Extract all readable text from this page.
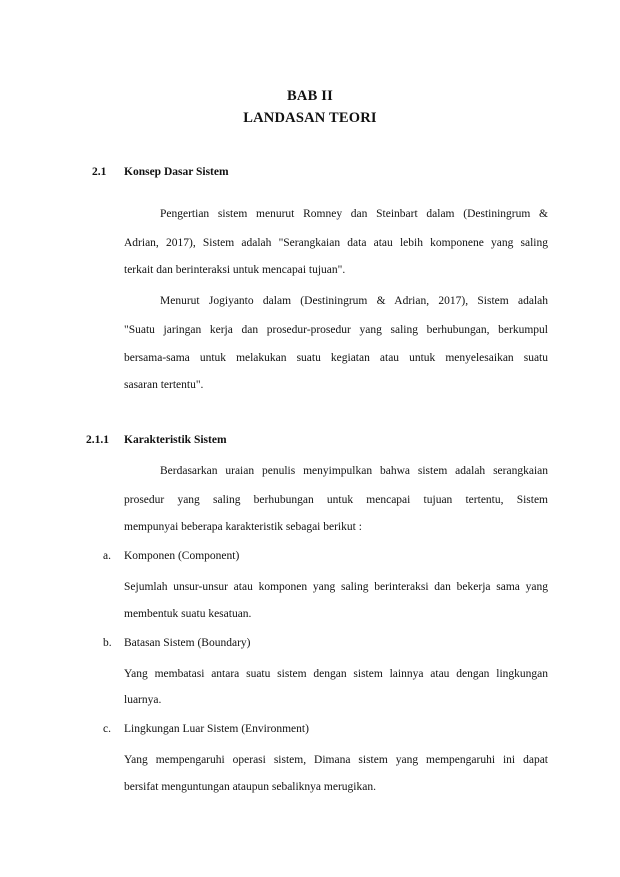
BAB II
LANDASAN TEORI
2.1 Konsep Dasar Sistem
Pengertian sistem menurut Romney dan Steinbart dalam (Destiningrum &
Adrian, 2017), Sistem adalah "Serangkaian data atau lebih komponene yang saling
terkait dan berinteraksi untuk mencapai tujuan".
Menurut Jogiyanto dalam (Destiningrum & Adrian, 2017), Sistem adalah
"Suatu jaringan kerja dan prosedur-prosedur yang saling berhubungan, berkumpul
bersama-sama untuk melakukan suatu kegiatan atau untuk menyelesaikan suatu
sasaran tertentu".
2.1.1 Karakteristik Sistem
Berdasarkan uraian penulis menyimpulkan bahwa sistem adalah serangkaian
prosedur yang saling berhubungan untuk mencapai tujuan tertentu, Sistem
mempunyai beberapa karakteristik sebagai berikut :
a. Komponen (Component)
Sejumlah unsur-unsur atau komponen yang saling berinteraksi dan bekerja sama yang
membentuk suatu kesatuan.
b. Batasan Sistem (Boundary)
Yang membatasi antara suatu sistem dengan sistem lainnya atau dengan lingkungan
luarnya.
c. Lingkungan Luar Sistem (Environment)
Yang mempengaruhi operasi sistem, Dimana sistem yang mempengaruhi ini dapat
bersifat menguntungan ataupun sebaliknya merugikan.
